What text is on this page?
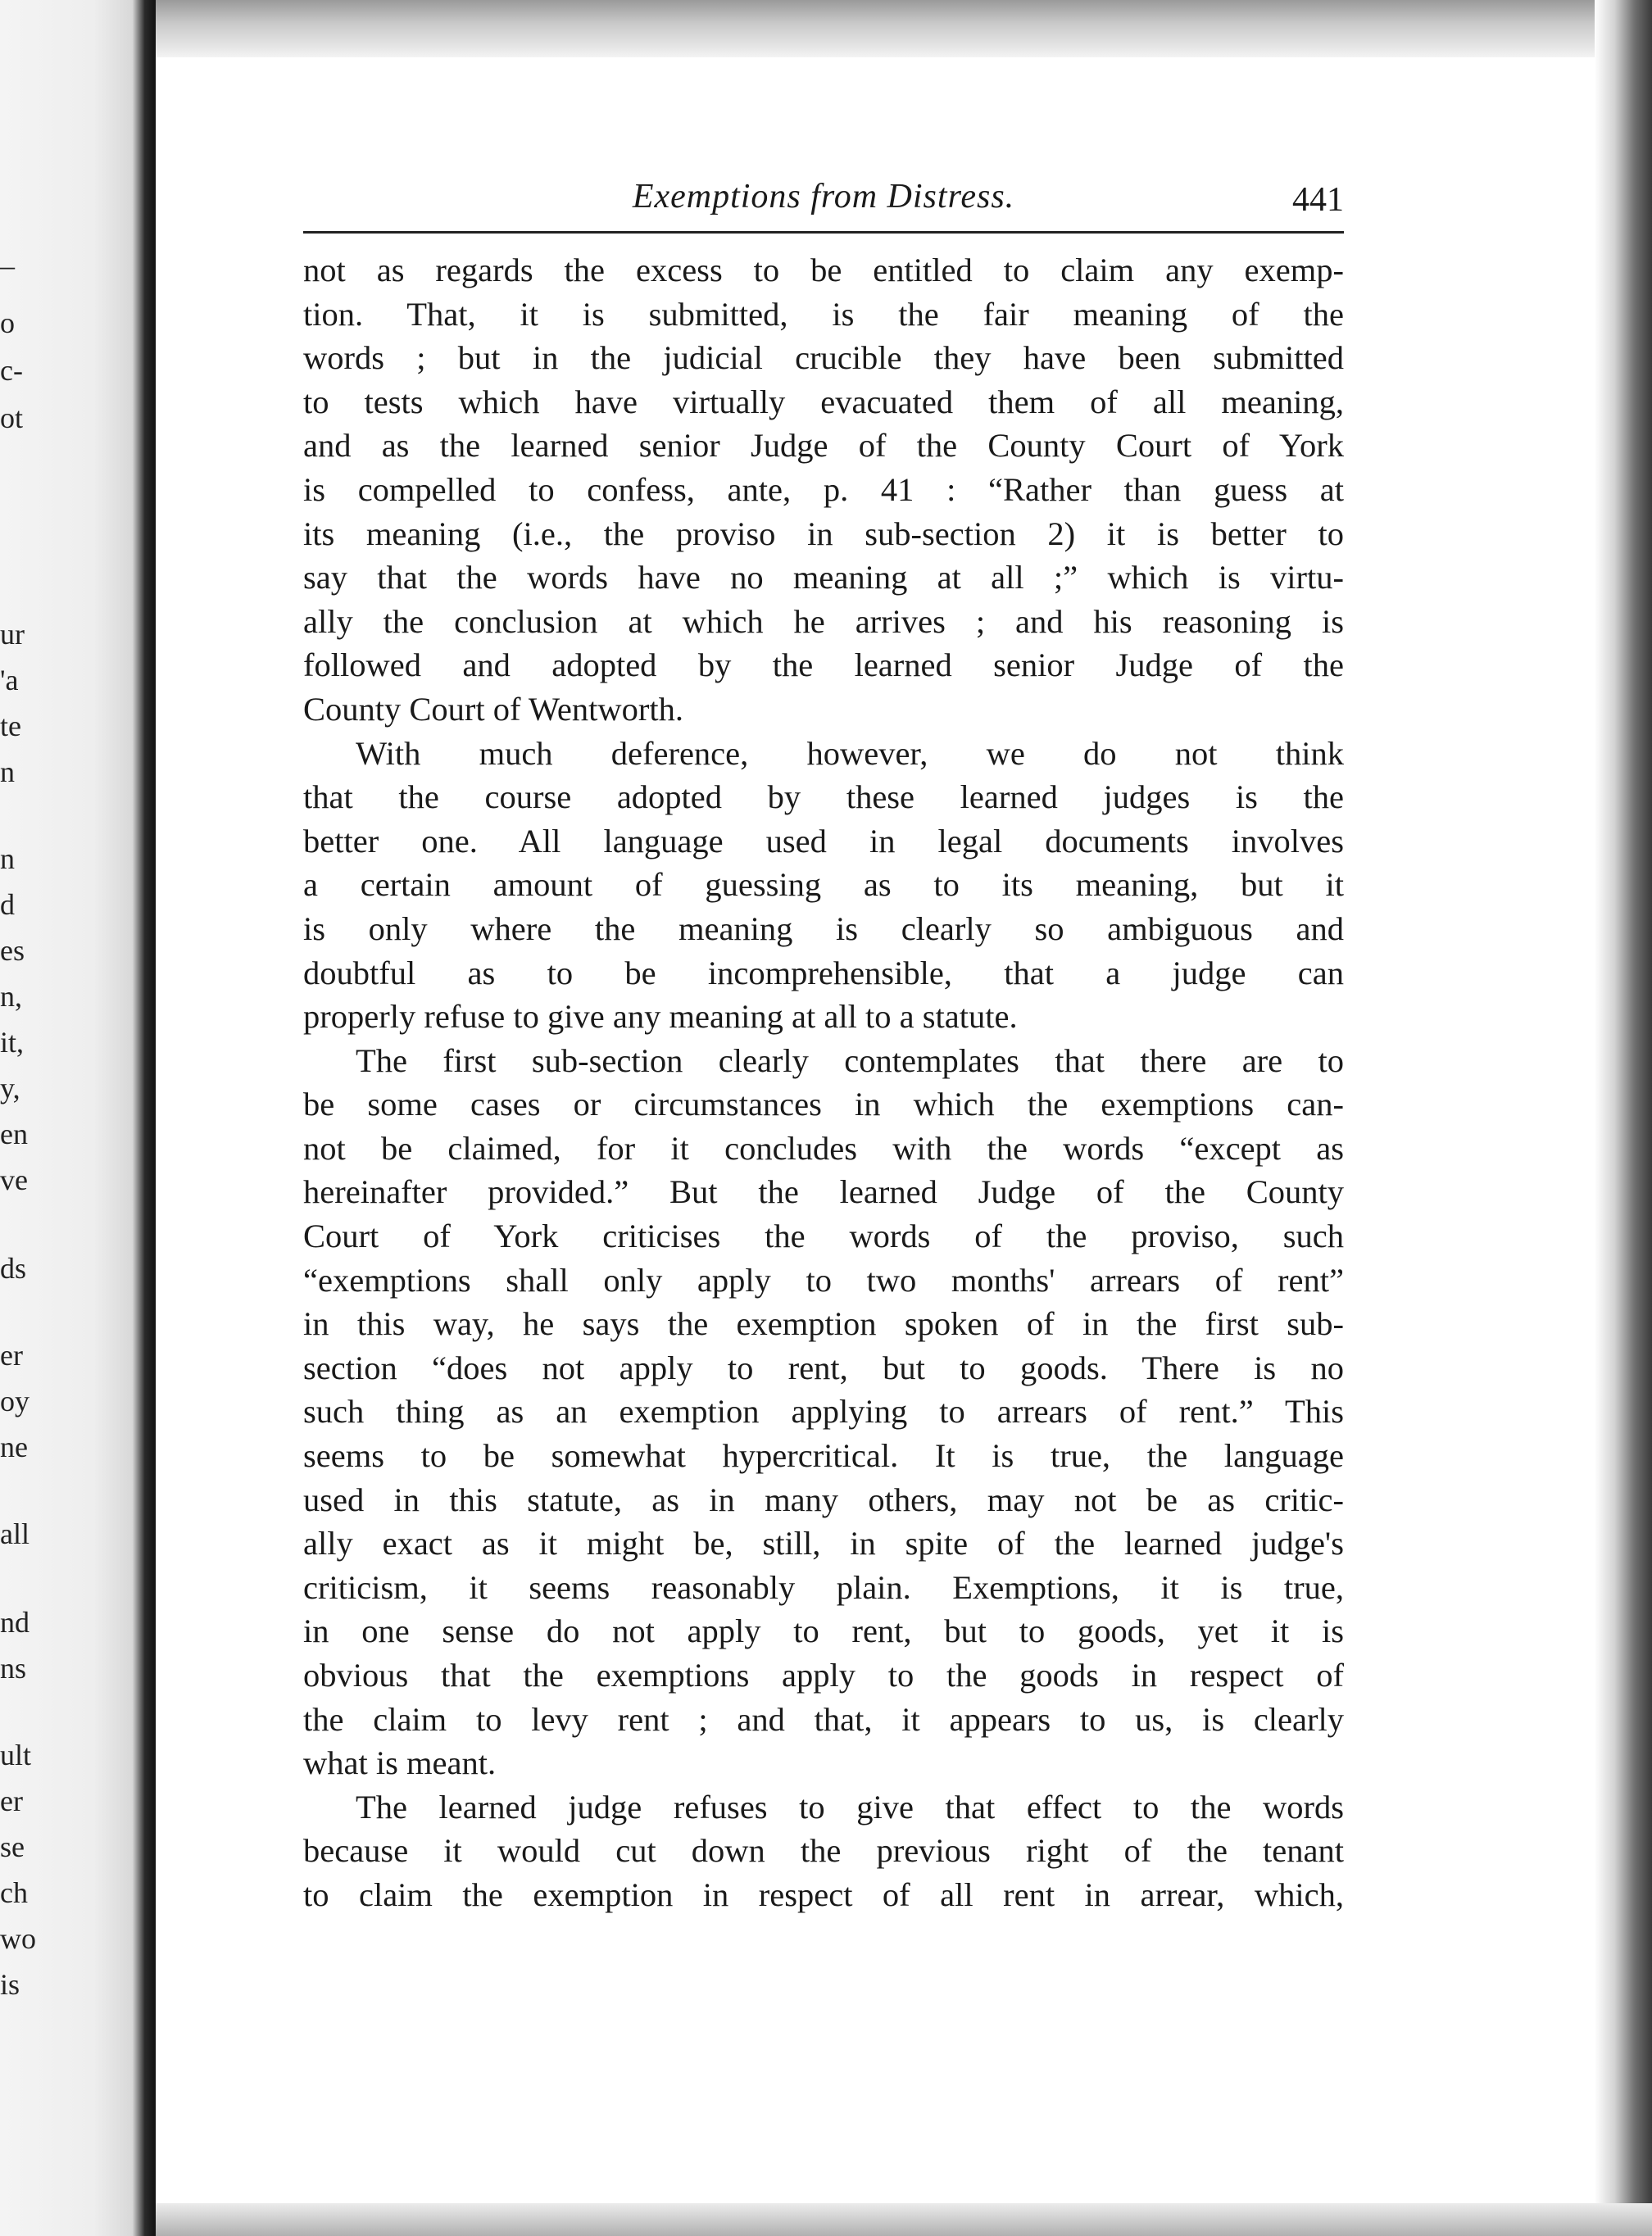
–
o
c-
ot
ur
'a
te
n
n
d
es
n,
it,
y,
en
ve
ds
er
oy
ne
all
nd
ns
ult
er
se
ch
wo
is
Exemptions from Distress.	441
not as regards the excess to be entitled to claim any exemp-
tion. That, it is submitted, is the fair meaning of the
words ; but in the judicial crucible they have been submitted
to tests which have virtually evacuated them of all meaning,
and as the learned senior Judge of the County Court of York
is compelled to confess, ante, p. 41 : “Rather than guess at
its meaning (i.e., the proviso in sub-section 2) it is better to
say that the words have no meaning at all ;” which is virtu-
ally the conclusion at which he arrives ; and his reasoning is
followed and adopted by the learned senior Judge of the
County Court of Wentworth.
With much deference, however, we do not think
that the course adopted by these learned judges is the
better one. All language used in legal documents involves
a certain amount of guessing as to its meaning, but it
is only where the meaning is clearly so ambiguous and
doubtful as to be incomprehensible, that a judge can
properly refuse to give any meaning at all to a statute.
The first sub-section clearly contemplates that there are to
be some cases or circumstances in which the exemptions can-
not be claimed, for it concludes with the words “except as
hereinafter provided.” But the learned Judge of the County
Court of York criticises the words of the proviso, such
“exemptions shall only apply to two months' arrears of rent”
in this way, he says the exemption spoken of in the first sub-
section “does not apply to rent, but to goods. There is no
such thing as an exemption applying to arrears of rent.” This
seems to be somewhat hypercritical. It is true, the language
used in this statute, as in many others, may not be as critic-
ally exact as it might be, still, in spite of the learned judge's
criticism, it seems reasonably plain. Exemptions, it is true,
in one sense do not apply to rent, but to goods, yet it is
obvious that the exemptions apply to the goods in respect of
the claim to levy rent ; and that, it appears to us, is clearly
what is meant.
The learned judge refuses to give that effect to the words
because it would cut down the previous right of the tenant
to claim the exemption in respect of all rent in arrear, which,
